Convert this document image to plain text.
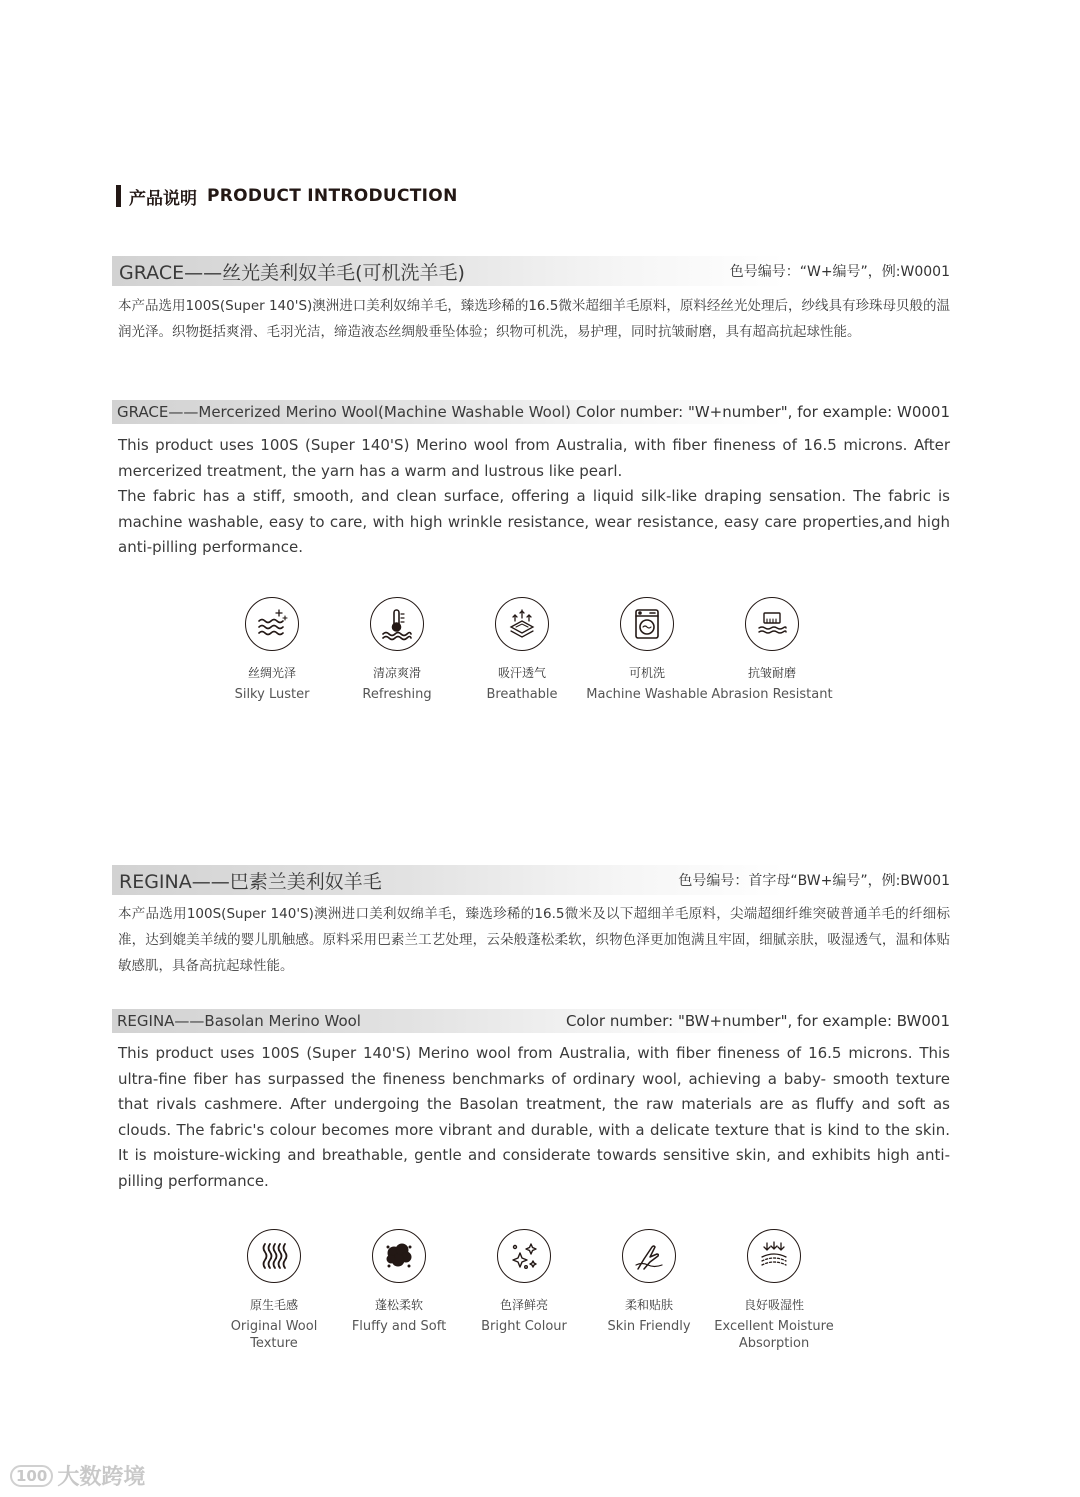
产品说明 PRODUCT INTRODUCTION
GRACE——丝光美利奴羊毛(可机洗羊毛)	色号编号：“W+编号”，例:W0001

本产品选用100S(Super 140'S)澳洲进口美利奴绵羊毛，臻选珍稀的16.5微米超细羊毛原料，原料经丝光处理后，纱线具有珍珠母贝般的温润光泽。织物挺括爽滑、毛羽光洁，缔造液态丝绸般垂坠体验；织物可机洗，易护理，同时抗皱耐磨，具有超高抗起球性能。

GRACE——Mercerized Merino Wool(Machine Washable Wool) Color number: "W+number", for example: W0001

This product uses 100S (Super 140'S) Merino wool from Australia, with fiber fineness of 16.5 microns. After mercerized treatment, the yarn has a warm and lustrous like pearl.

The fabric has a stiff, smooth, and clean surface, offering a liquid silk-like draping sensation. The fabric is machine washable, easy to care, with high wrinkle resistance, wear resistance, easy care properties,and high anti-pilling performance.

丝绸光泽
Silky Luster
清凉爽滑
Refreshing
吸汗透气
Breathable
可机洗
Machine Washable
抗皱耐磨
Abrasion Resistant
REGINA——巴素兰美利奴羊毛	色号编号：首字母“BW+编号”，例:BW001

本产品选用100S(Super 140'S)澳洲进口美利奴绵羊毛，臻选珍稀的16.5微米及以下超细羊毛原料，尖端超细纤维突破普通羊毛的纤细标准，达到媲美羊绒的婴儿肌触感。原料采用巴素兰工艺处理，云朵般蓬松柔软，织物色泽更加饱满且牢固，细腻亲肤，吸湿透气，温和体贴敏感肌，具备高抗起球性能。

REGINA——Basolan Merino Wool	Color number: "BW+number", for example: BW001

This product uses 100S (Super 140'S) Merino wool from Australia, with fiber fineness of 16.5 microns. This ultra-fine fiber has surpassed the fineness benchmarks of ordinary wool, achieving a baby- smooth texture that rivals cashmere. After undergoing the Basolan treatment, the raw materials are as fluffy and soft as clouds. The fabric's colour becomes more vibrant and durable, with a delicate texture that is kind to the skin. It is moisture-wicking and breathable, gentle and considerate towards sensitive skin, and exhibits high anti-pilling performance.

原生毛感
Original Wool Texture
蓬松柔软
Fluffy and Soft
色泽鲜亮
Bright Colour
柔和贴肤
Skin Friendly
良好吸湿性
Excellent Moisture Absorption
100 大数跨境
